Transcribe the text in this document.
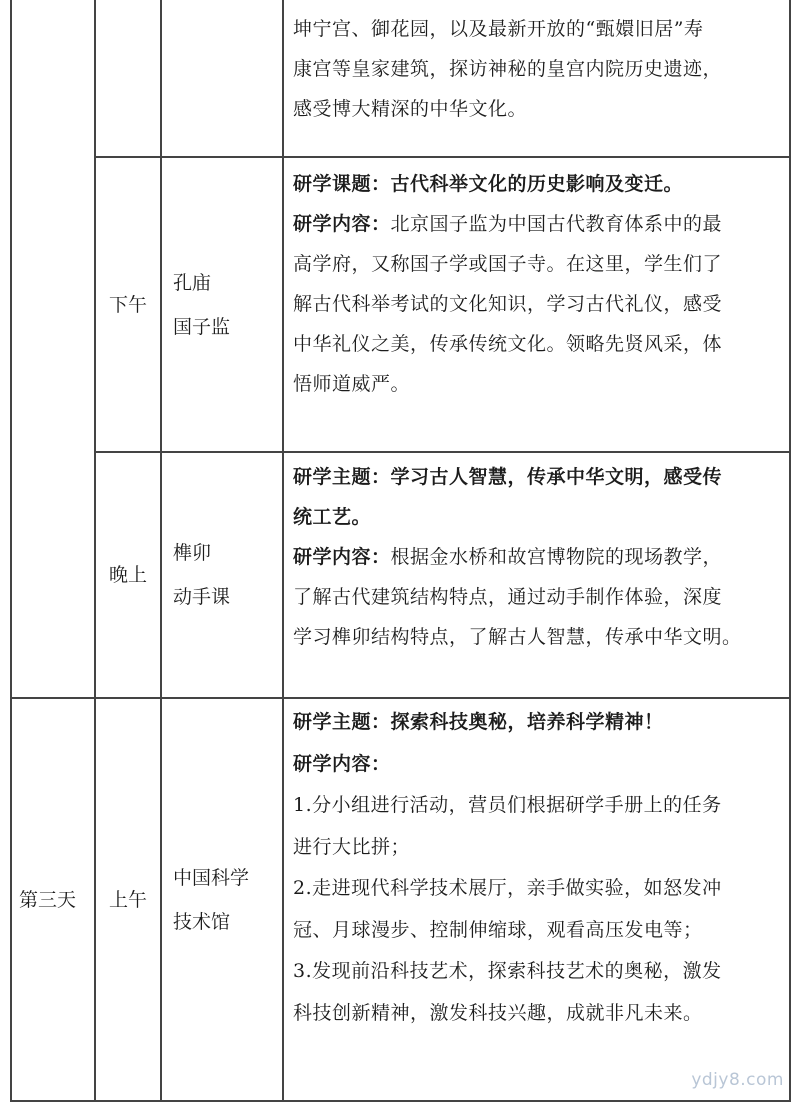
坤宁宫、御花园，以及最新开放的“甄嬛旧居”寿

康宫等皇家建筑，探访神秘的皇宫内院历史遗迹，

感受博大精深的中华文化。

下午
孔庙
国子监

研学课题：古代科举文化的历史影响及变迁。

研学内容：北京国子监为中国古代教育体系中的最

高学府，又称国子学或国子寺。在这里，学生们了

解古代科举考试的文化知识，学习古代礼仪，感受

中华礼仪之美，传承传统文化。领略先贤风采，体

悟师道威严。

晚上
榫卯
动手课

研学主题：学习古人智慧，传承中华文明，感受传

统工艺。

研学内容：根据金水桥和故宫博物院的现场教学，

了解古代建筑结构特点，通过动手制作体验，深度

学习榫卯结构特点，了解古人智慧，传承中华文明。

第三天 上午
中国科学
技术馆

研学主题：探索科技奥秘，培养科学精神！

研学内容：

1.分小组进行活动，营员们根据研学手册上的任务

进行大比拼；

2.走进现代科学技术展厅，亲手做实验，如怒发冲

冠、月球漫步、控制伸缩球，观看高压发电等；

3.发现前沿科技艺术，探索科技艺术的奥秘，激发

科技创新精神，激发科技兴趣，成就非凡未来。

ydjy8.com
